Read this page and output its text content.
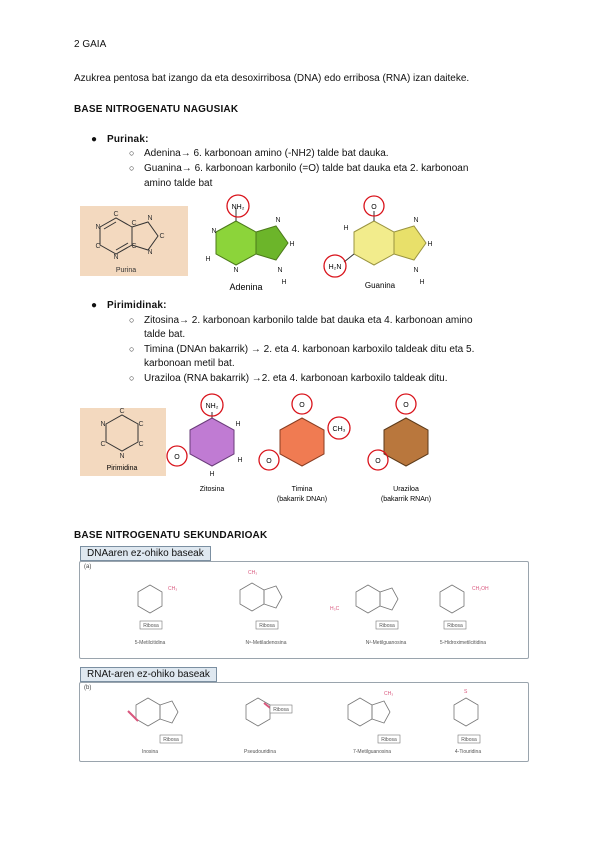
2 GAIA
Azukrea pentosa bat izango da eta desoxirribosa (DNA) edo erribosa (RNA) izan daiteke.
BASE NITROGENATU NAGUSIAK
● Purinak:
○ Adenina→ 6. karbonoan amino (-NH2) talde bat dauka.
○ Guanina→ 6. karbonoan karbonilo (=O) talde bat dauka eta 2. karbonoan
amino talde bat
N
C
C
C
N
C
N
C
N
Purina
NH₂
N
N
H
N
H
N
H
Adenina
O
H₂N
H
N
H
N
H
Guanina
● Pirimidinak:
○ Zitosina→ 2. karbonoan karbonilo talde bat dauka eta 4. karbonoan amino
talde bat.
○ Timina (DNAn bakarrik) → 2. eta 4. karbonoan karboxilo taldeak ditu eta 5.
karbonoan metil bat.
○ Uraziloa (RNA bakarrik) →2. eta 4. karbonoan karboxilo taldeak ditu.
N
C
C
C
N
C
Pirimidina
NH₂
O
H
H
H
Zitosina
O
CH₃
O
Timina
(bakarrik DNAn)
O
O
Uraziloa
(bakarrik RNAn)
BASE NITROGENATU SEKUNDARIOAK
DNAaren ez-ohiko baseak
(a)
Ribosa	Ribosa	Ribosa	Ribosa
CH₃
CH₃
H₃C
CH₂OH
5-Metilcitidina	N⁶-Metiladenosina	N²-Metilguanosina	5-Hidroximetilcitidina
RNAt-aren ez-ohiko baseak
(b)
Ribosa
Ribosa
Ribosa	Ribosa
CH₃	S
Inosina	Pseudouridina	7-Metilguanosina	4-Tiouridina
